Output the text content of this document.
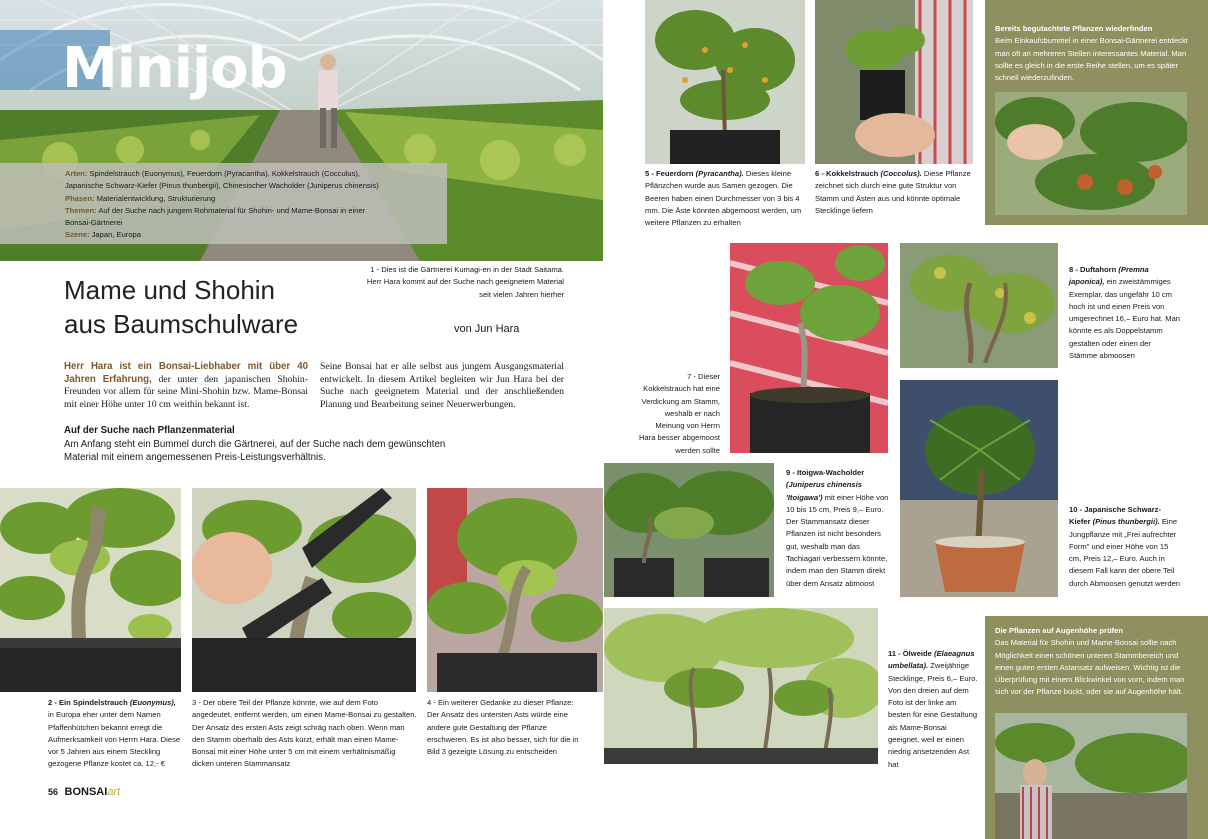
Minijob
Arten: Spindelstrauch (Euonymus), Feuerdorn (Pyracantha), Kokkelstrauch (Cocculus),
Japanische Schwarz-Kiefer (Pinus thunbergii), Chinesischer Wacholder (Juniperus chinensis)
Phasen: Materialentwicklung, Strukturierung
Themen: Auf der Suche nach jungem Rohmaterial für Shohin- und Mame-Bonsai in einer
Bonsai-Gärtnerei
Szene: Japan, Europa
Mame und Shohin
aus Baumschulware
1 - Dies ist die Gärtnerei Kumagi-en in der Stadt Saitama. Herr Hara kommt auf der Suche nach geeignetem Material seit vielen Jahren hierher
von Jun Hara
Herr Hara ist ein Bonsai-Liebhaber mit über 40 Jahren Erfahrung, der unter den japanischen Shohin-Freunden vor allem für seine Mini-Shohin bzw. Mame-Bonsai mit einer Höhe unter 10 cm weithin bekannt ist.
Seine Bonsai hat er alle selbst aus jungem Ausgangsmaterial entwickelt. In diesem Artikel begleiten wir Jun Hara bei der Suche nach geeignetem Material und der anschließenden Planung und Bearbeitung seiner Neuerwerbungen.
Auf der Suche nach Pflanzenmaterial
Am Anfang steht ein Bummel durch die Gärtnerei, auf der Suche nach dem gewünschten Material mit einem angemessenen Preis-Leistungsverhältnis.
2 - Ein Spindelstrauch (Euonymus), in Europa eher unter dem Namen Pfaffenhütchen bekannt erregt die Aufmerksamkeit von Herrn Hara. Diese vor 5 Jahren aus einem Steckling gezogene Pflanze kostet ca. 12,- €
3 - Der obere Teil der Pflanze könnte, wie auf dem Foto angedeutet, entfernt werden, um einen Mame-Bonsai zu gestalten. Der Ansatz des ersten Asts zeigt schräg nach oben. Wenn man den Stamm oberhalb des Asts kürzt, erhält man einen Mame-Bonsai mit einer Höhe unter 5 cm mit einem verhältnismäßig dicken unteren Stammansatz
4 - Ein weiterer Gedanke zu dieser Pflanze: Der Ansatz des untersten Asts würde eine andere gute Gestaltung der Pflanze erschweren. Es ist also besser, sich für die in Bild 3 gezeigte Lösung zu entscheiden
56 BONSAIart
5 - Feuerdorn (Pyracantha). Dieses kleine Pflänzchen wurde aus Samen gezogen. Die Beeren haben einen Durchmesser von 3 bis 4 mm. Die Äste könnten abgemoost werden, um weitere Pflanzen zu erhalten
6 - Kokkelstrauch (Coccolus). Diese Pflanze zeichnet sich durch eine gute Struktur von Stamm und Ästen aus und könnte optimale Stecklinge liefern
Bereits begutachtete Pflanzen wiederfinden
Beim Einkaufsbummel in einer Bonsai-Gärtnerei entdeckt man oft an mehreren Stellen interessantes Material. Man sollte es gleich in die erste Reihe stellen, um es später schnell wiederzufinden.
7 - Dieser Kokkelstrauch hat eine Verdickung am Stamm, weshalb er nach Meinung von Herrn Hara besser abgemoost werden sollte
8 - Duftahorn (Premna japonica), ein zweistämmiges Exemplar, das ungefähr 10 cm hoch ist und einen Preis von umgerechnet 16,– Euro hat. Man könnte es als Doppelstamm gestalten oder einen der Stämme abmoosen
9 - Itoigwa-Wacholder (Juniperus chinensis 'Itoigawa') mit einer Höhe von 10 bis 15 cm, Preis 9,– Euro. Der Stammansatz dieser Pflanzen ist nicht besonders gut, weshalb man das Tachiagari verbessern könnte, indem man den Stamm direkt über dem Ansatz abmoost
10 - Japanische Schwarz-Kiefer (Pinus thunbergii). Eine Jungpflanze mit „Frei aufrechter Form" und einer Höhe von 15 cm, Preis 12,– Euro. Auch in diesem Fall kann der obere Teil durch Abmoosen genutzt werden
11 - Ölweide (Elaeagnus umbellata). Zweijährige Stecklinge, Preis 6,– Euro. Von den dreien auf dem Foto ist der linke am besten für eine Gestaltung als Mame-Bonsai geeignet, weil er einen niedrig ansetzenden Ast hat
Die Pflanzen auf Augenhöhe prüfen
Das Material für Shohin und Mame-Bonsai sollte nach Möglichkeit einen schönen unteren Stammbereich und einen guten ersten Astansatz aufweisen. Wichtig ist die Überprüfung mit einem Blickwinkel von vorn, indem man sich vor der Pflanze bückt, oder sie auf Augenhöhe hält.
